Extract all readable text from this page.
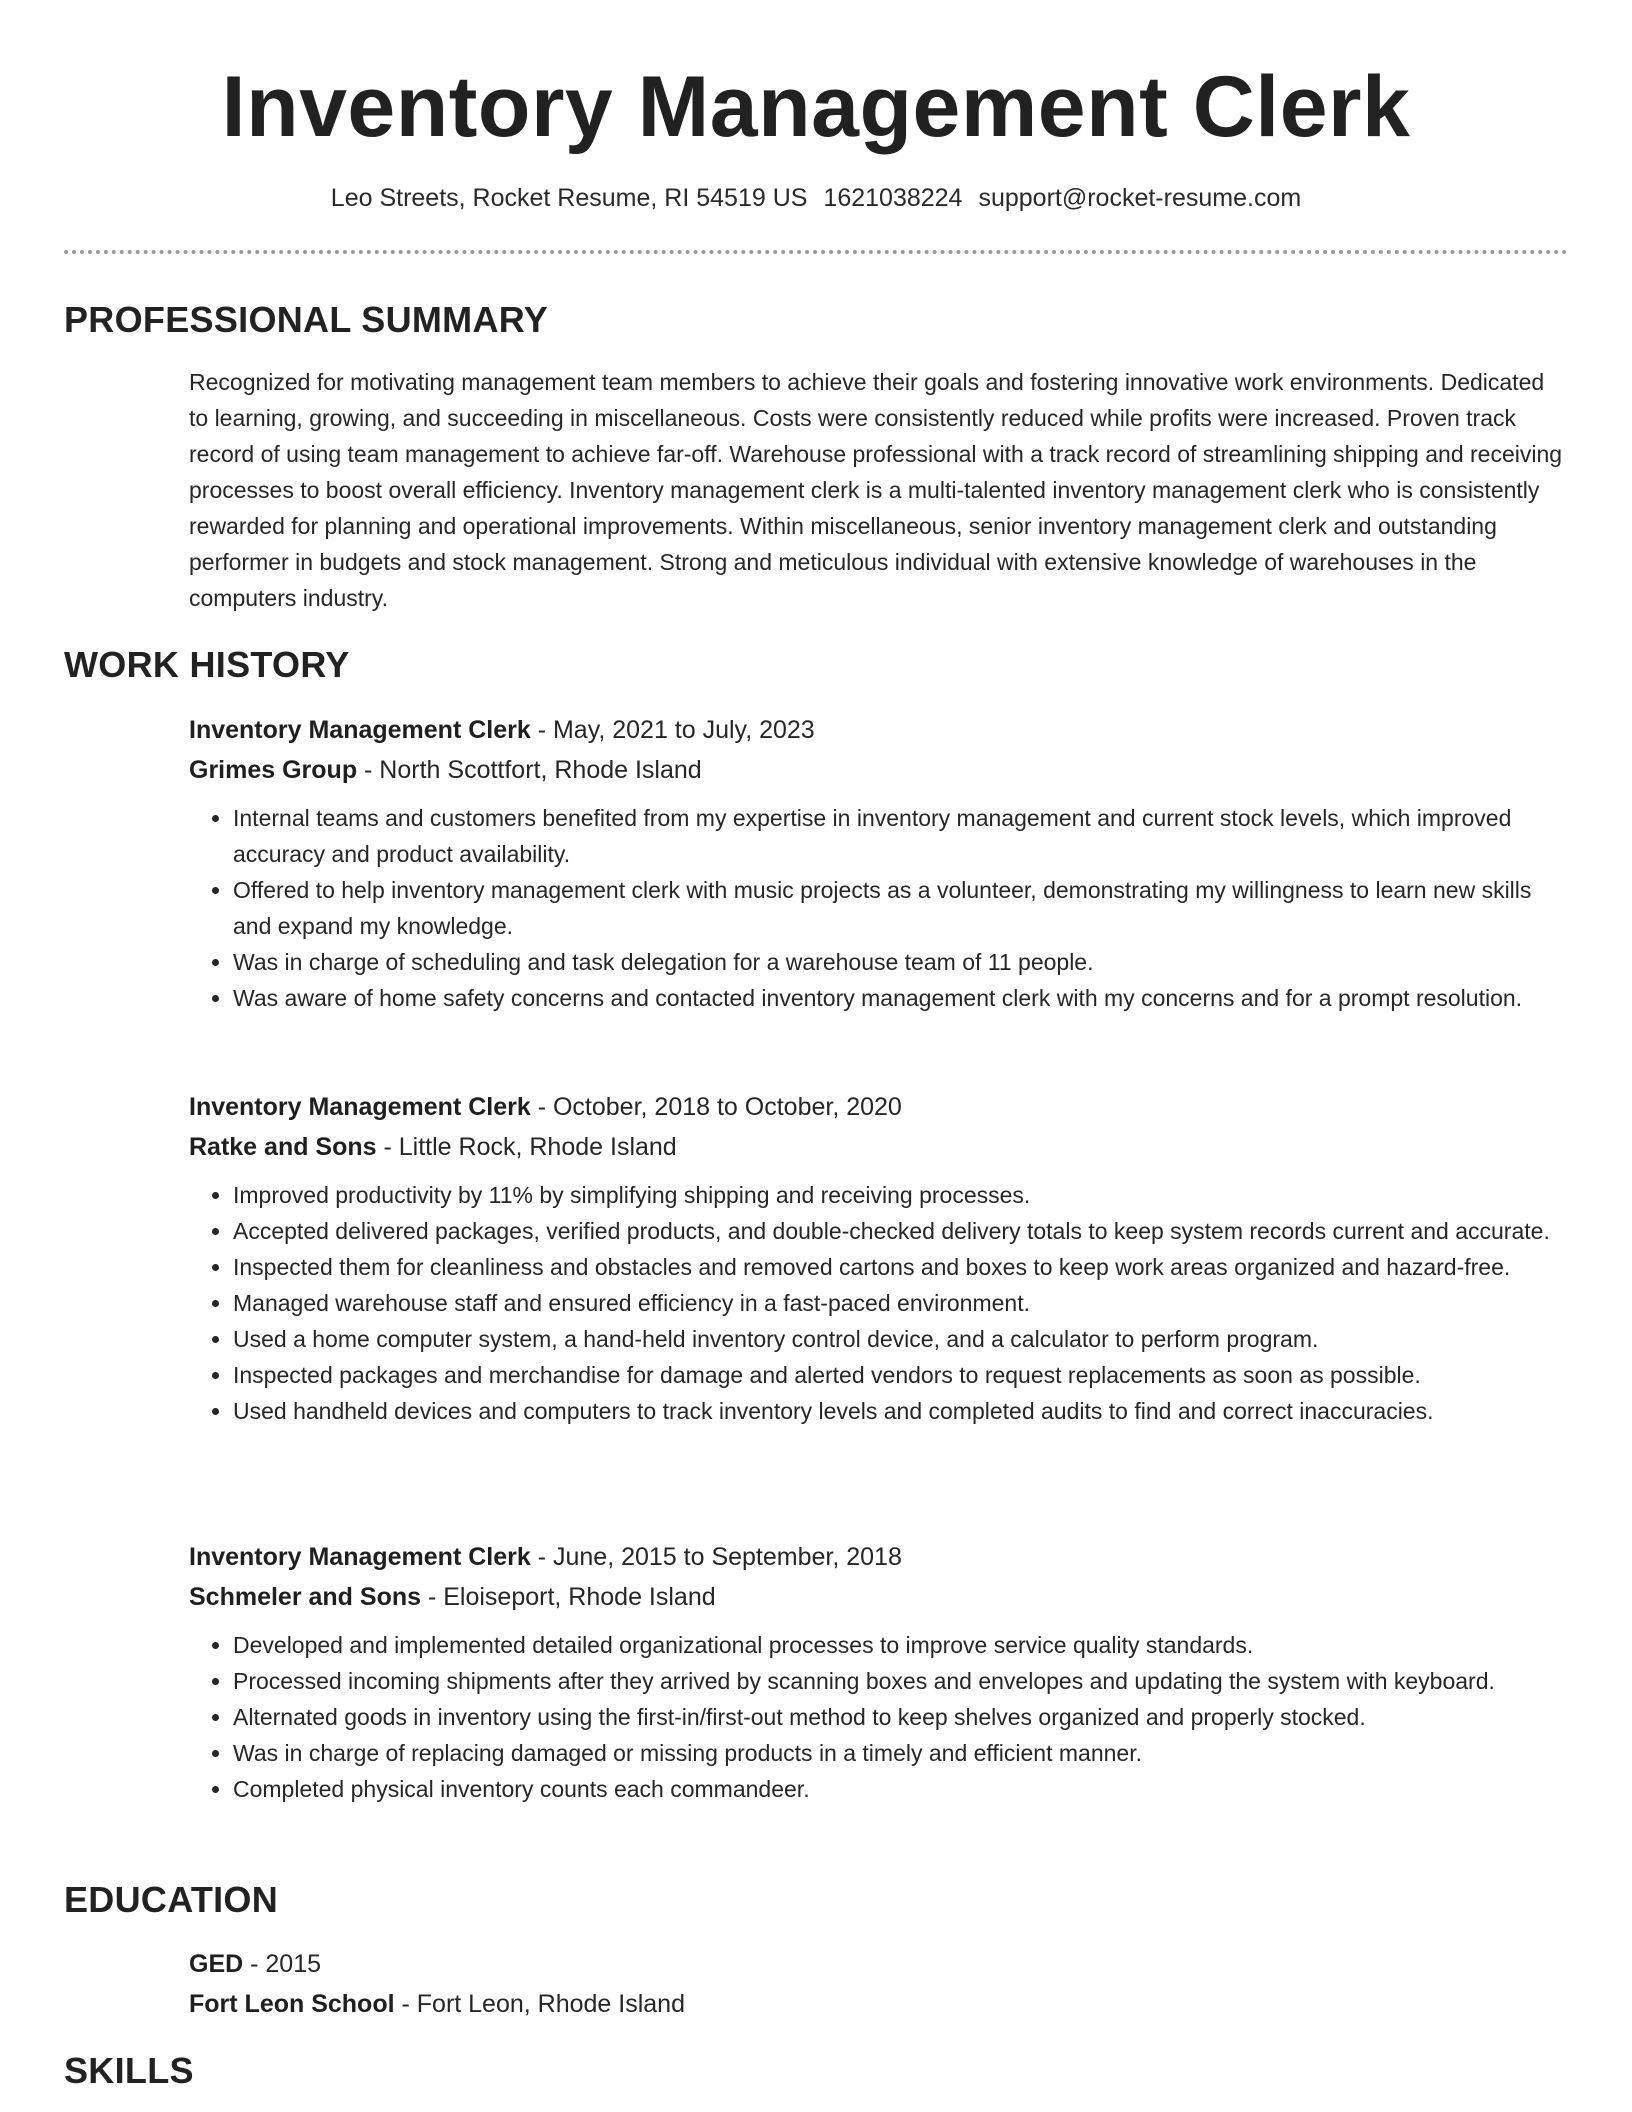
Inventory Management Clerk
Leo Streets, Rocket Resume, RI 54519 US 1621038224 support@rocket-resume.com
PROFESSIONAL SUMMARY

Recognized for motivating management team members to achieve their goals and fostering innovative work environments. Dedicated to learning, growing, and succeeding in miscellaneous. Costs were consistently reduced while profits were increased. Proven track record of using team management to achieve far-off. Warehouse professional with a track record of streamlining shipping and receiving processes to boost overall efficiency. Inventory management clerk is a multi-talented inventory management clerk who is consistently rewarded for planning and operational improvements. Within miscellaneous, senior inventory management clerk and outstanding performer in budgets and stock management. Strong and meticulous individual with extensive knowledge of warehouses in the computers industry.

WORK HISTORY
Inventory Management Clerk - May, 2021 to July, 2023
Grimes Group - North Scottfort, Rhode Island
• Internal teams and customers benefited from my expertise in inventory management and current stock levels, which improved accuracy and product availability.
• Offered to help inventory management clerk with music projects as a volunteer, demonstrating my willingness to learn new skills and expand my knowledge.
• Was in charge of scheduling and task delegation for a warehouse team of 11 people.
• Was aware of home safety concerns and contacted inventory management clerk with my concerns and for a prompt resolution.
Inventory Management Clerk - October, 2018 to October, 2020
Ratke and Sons - Little Rock, Rhode Island
• Improved productivity by 11% by simplifying shipping and receiving processes.
• Accepted delivered packages, verified products, and double-checked delivery totals to keep system records current and accurate.
• Inspected them for cleanliness and obstacles and removed cartons and boxes to keep work areas organized and hazard-free.
• Managed warehouse staff and ensured efficiency in a fast-paced environment.
• Used a home computer system, a hand-held inventory control device, and a calculator to perform program.
• Inspected packages and merchandise for damage and alerted vendors to request replacements as soon as possible.
• Used handheld devices and computers to track inventory levels and completed audits to find and correct inaccuracies.
Inventory Management Clerk - June, 2015 to September, 2018
Schmeler and Sons - Eloiseport, Rhode Island
• Developed and implemented detailed organizational processes to improve service quality standards.
• Processed incoming shipments after they arrived by scanning boxes and envelopes and updating the system with keyboard.
• Alternated goods in inventory using the first-in/first-out method to keep shelves organized and properly stocked.
• Was in charge of replacing damaged or missing products in a timely and efficient manner.
• Completed physical inventory counts each commandeer.
EDUCATION
GED - 2015
Fort Leon School - Fort Leon, Rhode Island
SKILLS
